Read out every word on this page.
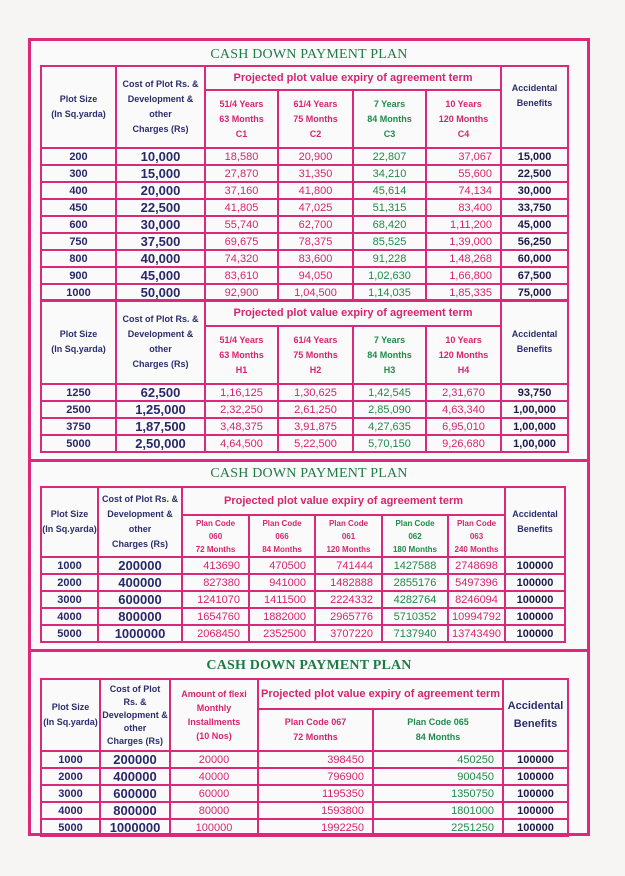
CASH DOWN PAYMENT PLAN
Plot Size
(In Sq.yarda)

Cost of Plot Rs. &
Development &
other
Charges (Rs)
	Projected plot value expiry of agreement term	
Accidental
Benefits

51/4 Years
63 Months
C1

61/4 Years
75 Months
C2

7 Years
84 Months
C3

10 Years
120 Months
C4

200	10,000	18,580	20,900	22,807	37,067	15,000
300	15,000	27,870	31,350	34,210	55,600	22,500
400	20,000	37,160	41,800	45,614	74,134	30,000
450	22,500	41,805	47,025	51,315	83,400	33,750
600	30,000	55,740	62,700	68,420	1,11,200	45,000
750	37,500	69,675	78,375	85,525	1,39,000	56,250
800	40,000	74,320	83,600	91,228	1,48,268	60,000
900	45,000	83,610	94,050	1,02,630	1,66,800	67,500
1000	50,000	92,900	1,04,500	1,14,035	1,85,335	75,000
Plot Size
(In Sq.yarda)

Cost of Plot Rs. &
Development &
other
Charges (Rs)
	Projected plot value expiry of agreement term	
Accidental
Benefits

51/4 Years
63 Months
H1

61/4 Years
75 Months
H2

7 Years
84 Months
H3

10 Years
120 Months
H4

1250	62,500	1,16,125	1,30,625	1,42,545	2,31,670	93,750
2500	1,25,000	2,32,250	2,61,250	2,85,090	4,63,340	1,00,000
3750	1,87,500	3,48,375	3,91,875	4,27,635	6,95,010	1,00,000
5000	2,50,000	4,64,500	5,22,500	5,70,150	9,26,680	1,00,000
CASH DOWN PAYMENT PLAN
Plot Size
(In Sq.yarda)

Cost of Plot Rs. &
Development &
other
Charges (Rs)
	Projected plot value expiry of agreement term	
Accidental
Benefits

Plan Code
060
72 Months

Plan Code
066
84 Months

Plan Code
061
120 Months

Plan Code
062
180 Months

Plan Code
063
240 Months

1000	200000	413690	470500	741444	1427588	2748698	100000
2000	400000	827380	941000	1482888	2855176	5497396	100000
3000	600000	1241070	1411500	2224332	4282764	8246094	100000
4000	800000	1654760	1882000	2965776	5710352	10994792	100000
5000	1000000	2068450	2352500	3707220	7137940	13743490	100000
CASH DOWN PAYMENT PLAN
Plot Size
(In Sq.yarda)

Cost of Plot
Rs. &
Development &
other
Charges (Rs)

Amount of flexi
Monthly
Installments
(10 Nos)
	Projected plot value expiry of agreement term	
Accidental
Benefits

Plan Code 067
72 Months

Plan Code 065
84 Months

1000	200000	20000	398450	450250	100000
2000	400000	40000	796900	900450	100000
3000	600000	60000	1195350	1350750	100000
4000	800000	80000	1593800	1801000	100000
5000	1000000	100000	1992250	2251250	100000
